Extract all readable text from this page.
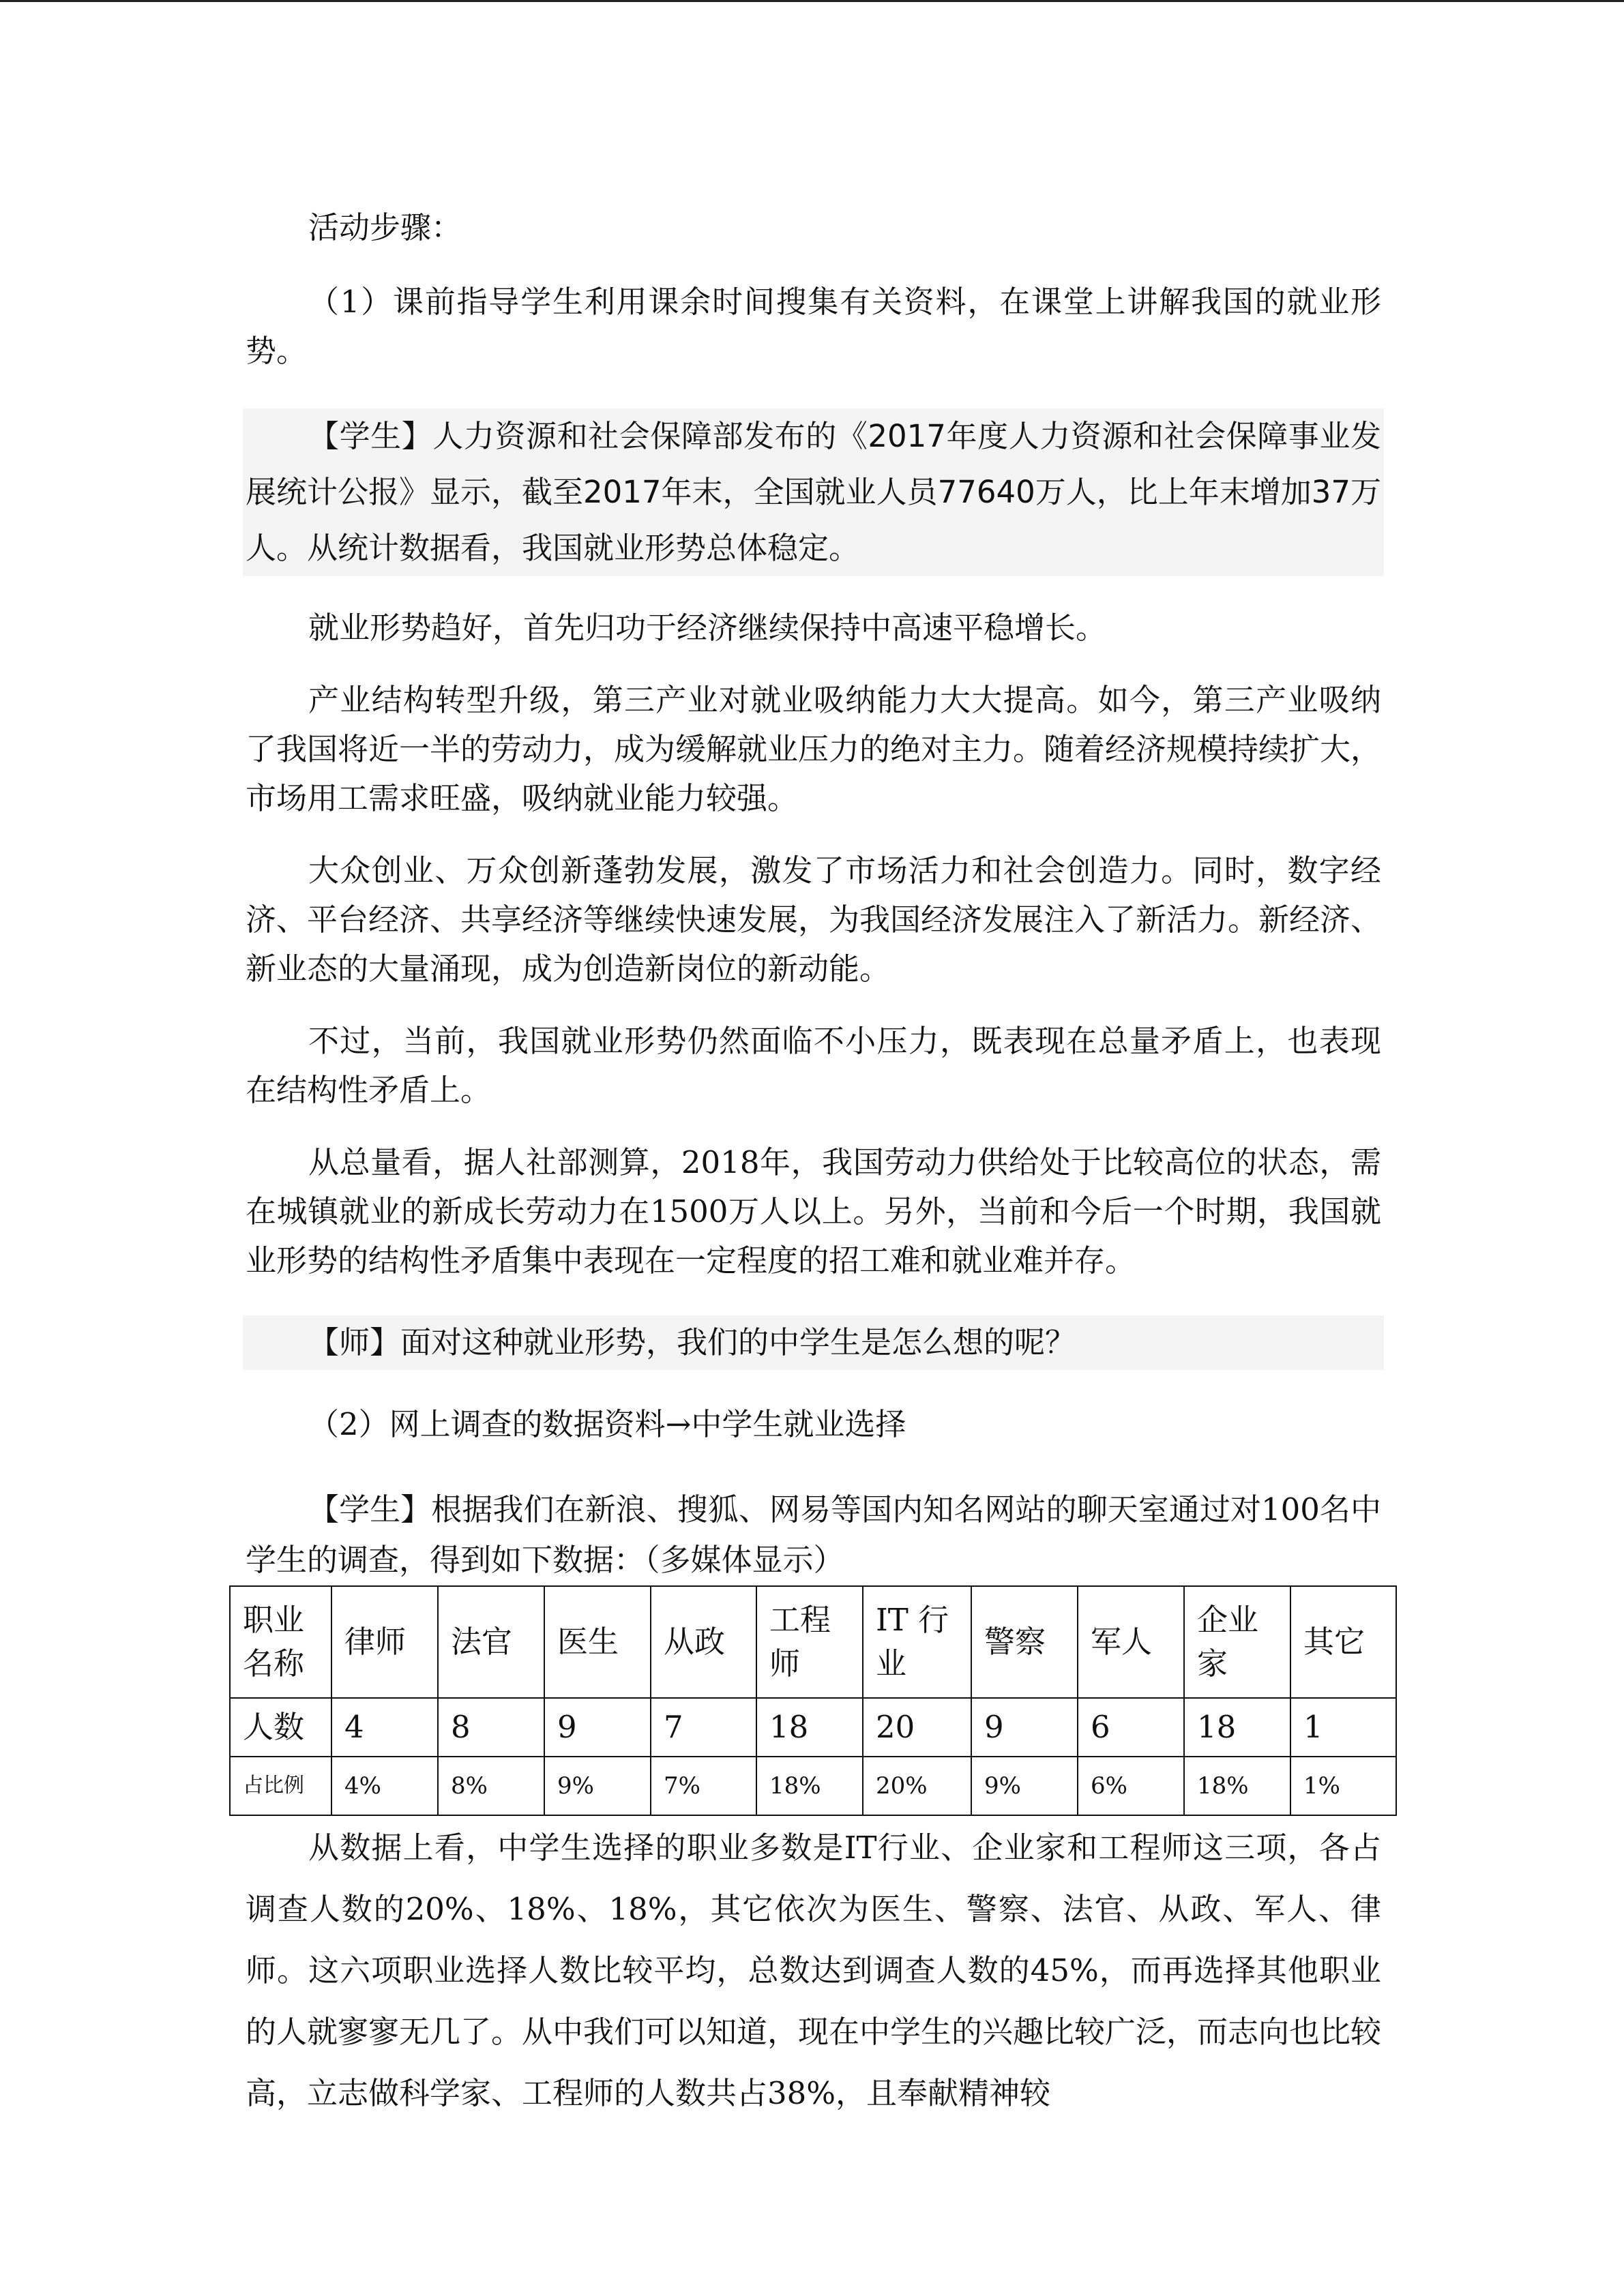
活动步骤：

（1）课前指导学生利用课余时间搜集有关资料，在课堂上讲解我国的就业形势。

【学生】人力资源和社会保障部发布的《2017年度人力资源和社会保障事业发展统计公报》显示，截至2017年末，全国就业人员77640万人，比上年末增加37万人。从统计数据看，我国就业形势总体稳定。

就业形势趋好，首先归功于经济继续保持中高速平稳增长。

产业结构转型升级，第三产业对就业吸纳能力大大提高。如今，第三产业吸纳了我国将近一半的劳动力，成为缓解就业压力的绝对主力。随着经济规模持续扩大，市场用工需求旺盛，吸纳就业能力较强。

大众创业、万众创新蓬勃发展，激发了市场活力和社会创造力。同时，数字经济、平台经济、共享经济等继续快速发展，为我国经济发展注入了新活力。新经济、新业态的大量涌现，成为创造新岗位的新动能。

不过，当前，我国就业形势仍然面临不小压力，既表现在总量矛盾上，也表现在结构性矛盾上。

从总量看，据人社部测算，2018年，我国劳动力供给处于比较高位的状态，需在城镇就业的新成长劳动力在1500万人以上。另外，当前和今后一个时期，我国就业形势的结构性矛盾集中表现在一定程度的招工难和就业难并存。

【师】面对这种就业形势，我们的中学生是怎么想的呢？

（2）网上调查的数据资料→中学生就业选择

【学生】根据我们在新浪、搜狐、网易等国内知名网站的聊天室通过对100名中学生的调查，得到如下数据：（多媒体显示）

职业名称	律师	法官	医生	从政	工程师	IT 行业	警察	军人	企业家	其它
人数	4	8	9	7	18	20	9	6	18	1
占比例	4%	8%	9%	7%	18%	20%	9%	6%	18%	1%

从数据上看，中学生选择的职业多数是IT行业、企业家和工程师这三项，各占调查人数的20%、18%、18%，其它依次为医生、警察、法官、从政、军人、律师。这六项职业选择人数比较平均，总数达到调查人数的45%，而再选择其他职业的人就寥寥无几了。从中我们可以知道，现在中学生的兴趣比较广泛，而志向也比较高，立志做科学家、工程师的人数共占38%，且奉献精神较
